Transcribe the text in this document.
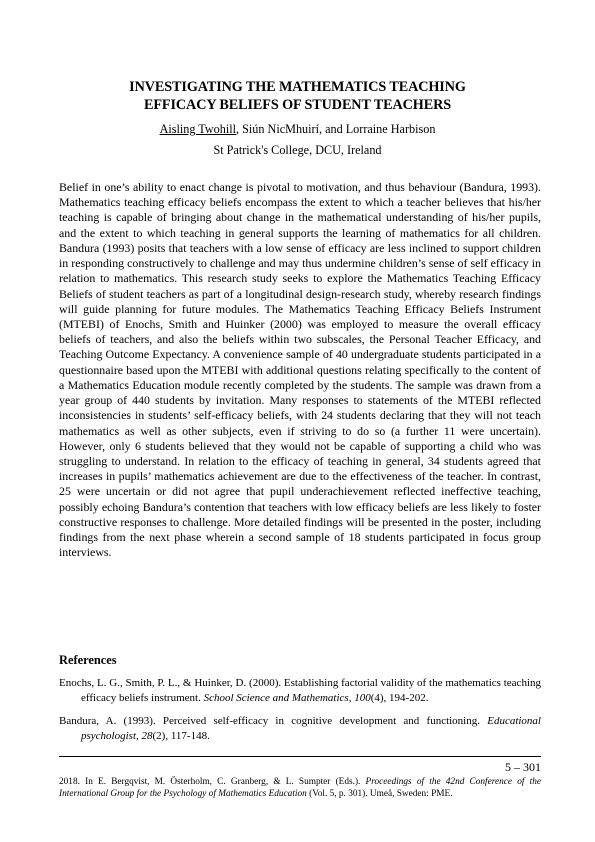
INVESTIGATING THE MATHEMATICS TEACHING
EFFICACY BELIEFS OF STUDENT TEACHERS
Aisling Twohill, Siún NicMhuirí, and Lorraine Harbison
St Patrick's College, DCU, Ireland

Belief in one’s ability to enact change is pivotal to motivation, and thus behaviour (Bandura, 1993). Mathematics teaching efficacy beliefs encompass the extent to which a teacher believes that his/her teaching is capable of bringing about change in the mathematical understanding of his/her pupils, and the extent to which teaching in general supports the learning of mathematics for all children. Bandura (1993) posits that teachers with a low sense of efficacy are less inclined to support children in responding constructively to challenge and may thus undermine children’s sense of self efficacy in relation to mathematics. This research study seeks to explore the Mathematics Teaching Efficacy Beliefs of student teachers as part of a longitudinal design-research study, whereby research findings will guide planning for future modules. The Mathematics Teaching Efficacy Beliefs Instrument (MTEBI) of Enochs, Smith and Huinker (2000) was employed to measure the overall efficacy beliefs of teachers, and also the beliefs within two subscales, the Personal Teacher Efficacy, and Teaching Outcome Expectancy. A convenience sample of 40 undergraduate students participated in a questionnaire based upon the MTEBI with additional questions relating specifically to the content of a Mathematics Education module recently completed by the students. The sample was drawn from a year group of 440 students by invitation. Many responses to statements of the MTEBI reflected inconsistencies in students’ self-efficacy beliefs, with 24 students declaring that they will not teach mathematics as well as other subjects, even if striving to do so (a further 11 were uncertain). However, only 6 students believed that they would not be capable of supporting a child who was struggling to understand. In relation to the efficacy of teaching in general, 34 students agreed that increases in pupils’ mathematics achievement are due to the effectiveness of the teacher. In contrast, 25 were uncertain or did not agree that pupil underachievement reflected ineffective teaching, possibly echoing Bandura’s contention that teachers with low efficacy beliefs are less likely to foster constructive responses to challenge. More detailed findings will be presented in the poster, including findings from the next phase wherein a second sample of 18 students participated in focus group interviews.

References

Enochs, L. G., Smith, P. L., & Huinker, D. (2000). Establishing factorial validity of the mathematics teaching efficacy beliefs instrument. School Science and Mathematics, 100(4), 194-202.

Bandura, A. (1993). Perceived self-efficacy in cognitive development and functioning. Educational psychologist, 28(2), 117-148.

5 – 301
2018. In E. Bergqvist, M. Österholm, C. Granberg, & L. Sumpter (Eds.). Proceedings of the 42nd Conference of the International Group for the Psychology of Mathematics Education (Vol. 5, p. 301). Umeå, Sweden: PME.
